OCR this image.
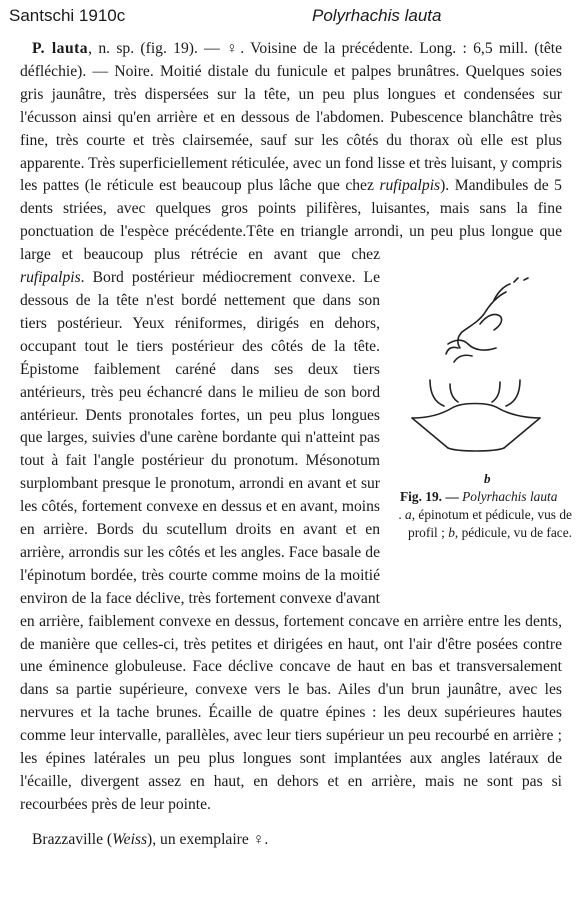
Santschi 1910c	Polyrhachis lauta

P. lauta, n. sp. (fig. 19). — ♀. Voisine de la précédente. Long. : 6,5 mill. (tête défléchie). — Noire. Moitié distale du funicule et palpes brunâtres. Quelques soies gris jaunâtre, très dispersées sur la tête, un peu plus longues et condensées sur l'écusson ainsi qu'en arrière et en dessous de l'abdomen. Pubescence blanchâtre très fine, très courte et très clairsemée, sauf sur les côtés du thorax où elle est plus apparente. Très superficiellement réticulée, avec un fond lisse et très luisant, y compris les pattes (le réticule est beaucoup plus lâche que chez rufipalpis). Mandibules de 5 dents striées, avec quelques gros points pilifères, luisantes, mais sans la fine ponctuation de l'espèce précédente.Tête en triangle arrondi, un peu plus longue que large et beaucoup plus rétrécie en avant que chez
b
Fig. 19. — Polyrhachis lauta
. a, épinotum et pédicule, vus de profil ; b, pédicule, vu de face.
rufipalpis. Bord postérieur médiocrement convexe. Le dessous de la tête n'est bordé nettement que dans son tiers postérieur. Yeux réniformes, dirigés en dehors, occupant tout le tiers postérieur des côtés de la tête. Épistome faiblement caréné dans ses deux tiers antérieurs, très peu échancré dans le milieu de son bord antérieur. Dents pronotales fortes, un peu plus longues que larges, suivies d'une carène bordante qui n'atteint pas tout à fait l'angle postérieur du pronotum. Mésonotum surplombant presque le pronotum, arrondi en avant et sur les côtés, fortement convexe en dessus et en avant, moins en arrière. Bords du scutellum droits en avant et en arrière, arrondis sur les côtés et les angles. Face basale de l'épinotum bordée, très courte comme moins de la moitié environ de la face déclive, très fortement convexe d'avant en arrière, faiblement convexe en dessus, fortement concave en arrière entre les dents, de manière que celles-ci, très petites et dirigées en haut, ont l'air d'être posées contre une éminence globuleuse. Face déclive concave de haut en bas et transversalement dans sa partie supérieure, convexe vers le bas. Ailes d'un brun jaunâtre, avec les nervures et la tache brunes. Écaille de quatre épines : les deux supérieures hautes comme leur intervalle, parallèles, avec leur tiers supérieur un peu recourbé en arrière ; les épines latérales un peu plus longues sont implantées aux angles latéraux de l'écaille, divergent assez en haut, en dehors et en arrière, mais ne sont pas si recourbées près de leur pointe.

Brazzaville (Weiss), un exemplaire ♀.
